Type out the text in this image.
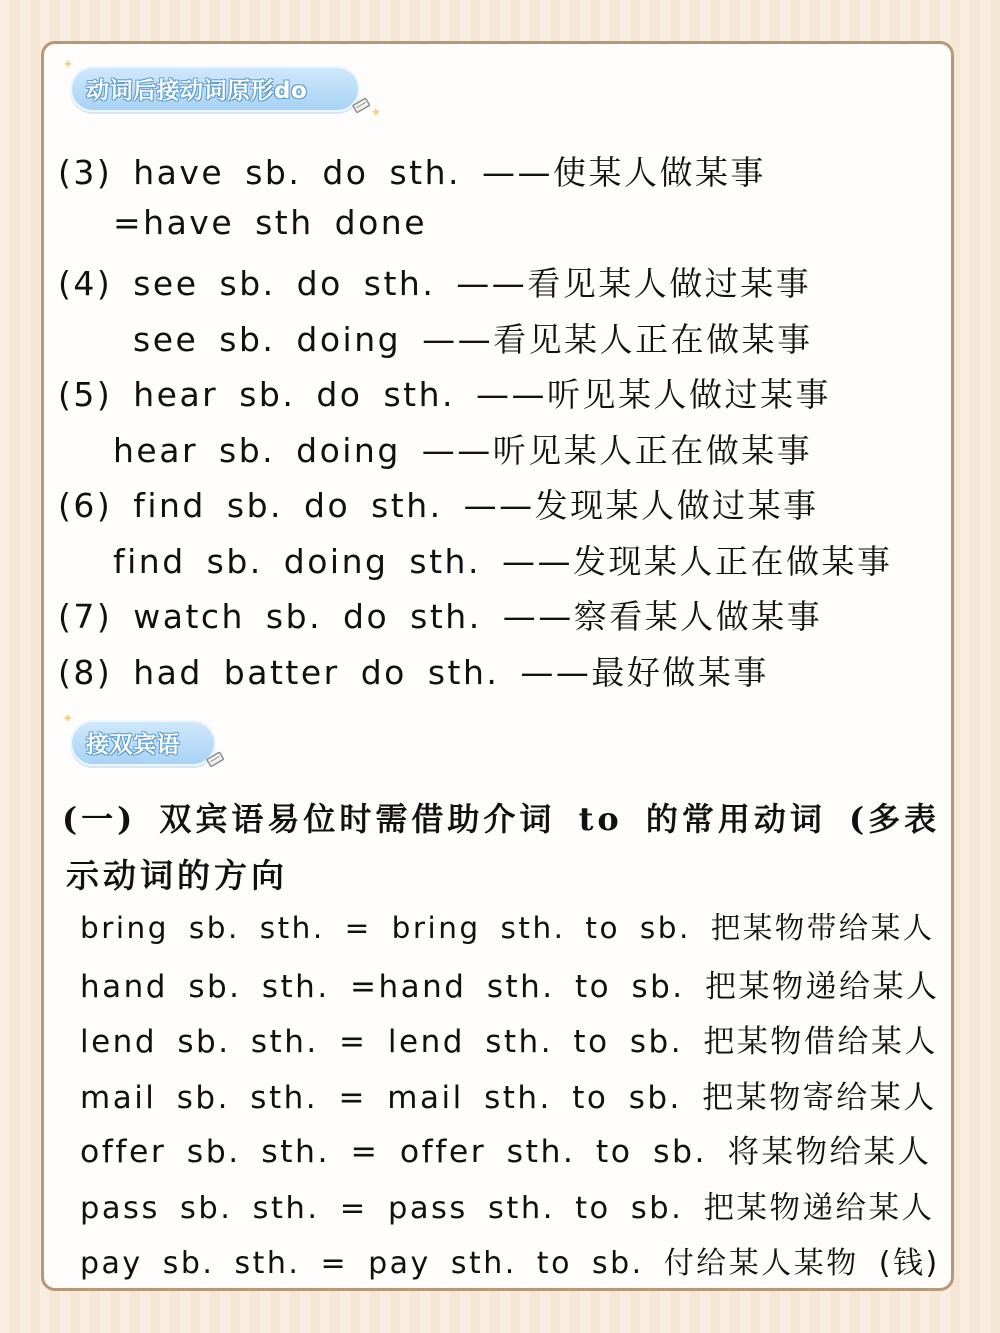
✦
动词后接动词原形do
✦
(3) have sb. do sth. ——使某人做某事
=have sth done
(4) see sb. do sth. ——看见某人做过某事
see sb. doing ——看见某人正在做某事
(5) hear sb. do sth. ——听见某人做过某事
hear sb. doing ——听见某人正在做某事
(6) find sb. do sth. ——发现某人做过某事
find sb. doing sth. ——发现某人正在做某事
(7) watch sb. do sth. ——察看某人做某事
(8) had batter do sth. ——最好做某事
✦
接双宾语
(一) 双宾语易位时需借助介词 to 的常用动词 (多表
示动词的方向
bring sb. sth. = bring sth. to sb. 把某物带给某人
hand sb. sth. =hand sth. to sb. 把某物递给某人
lend sb. sth. = lend sth. to sb. 把某物借给某人
mail sb. sth. = mail sth. to sb. 把某物寄给某人
offer sb. sth. = offer sth. to sb. 将某物给某人
pass sb. sth. = pass sth. to sb. 把某物递给某人
pay sb. sth. = pay sth. to sb. 付给某人某物 (钱)
